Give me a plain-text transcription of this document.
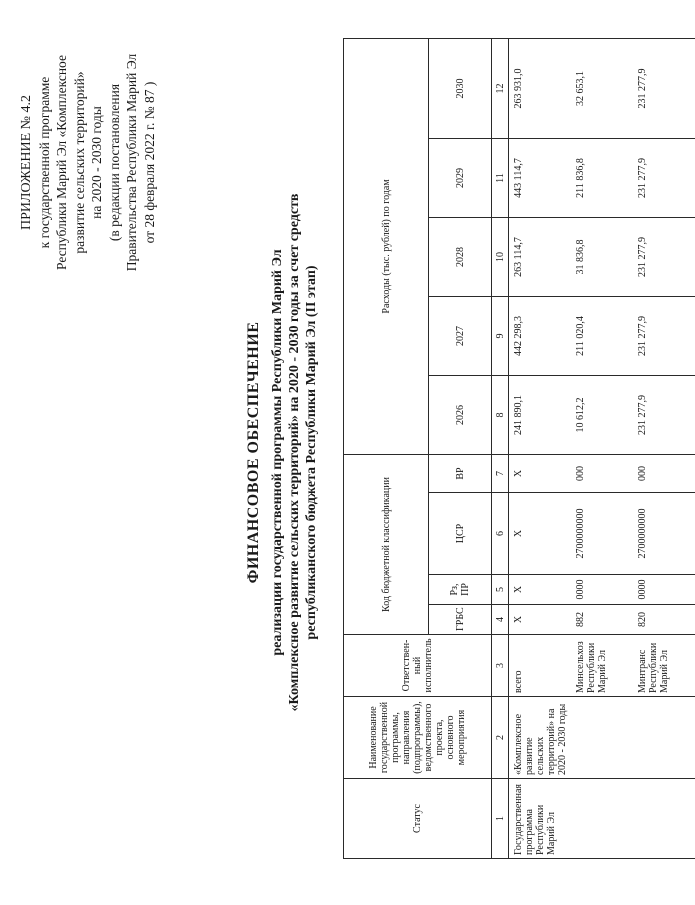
ПРИЛОЖЕНИЕ № 4.2 к государственной программе Республики Марий Эл «Комплексное развитие сельских территорий» на 2020 - 2030 годы (в редакции постановления Правительства Республики Марий Эл от 28 февраля 2022 г. № 87 )
ФИНАНСОВОЕ ОБЕСПЕЧЕНИЕ реализации государственной программы Республики Марий Эл «Комплексное развитие сельских территорий» на 2020 - 2030 годы за счет средств республиканского бюджета Республики Марий Эл (II этап)
Статус	Наименование государственной программы, направления (подпрограммы), ведомственного проекта, основного мероприятия	Ответствен-ный исполнитель	Код бюджетной классификации				Расходы (тыс. рублей) по годам				
			ГРБС	Рз, ПР	ЦСР	ВР	2026	2027	2028	2029	2030
1	2	3	4	5	6	7	8	9	10	11	12
Государственная программа Республики Марий Эл	«Комплексное развитие сельских территорий» на 2020 - 2030 годы	всего	Х	Х	Х	Х	241 890,1	442 298,3	263 114,7	443 114,7	263 931,0
		Минсельхоз Республики Марий Эл	882	0000	2700000000	000	10 612,2	211 020,4	31 836,8	211 836,8	32 653,1
		Минтранс Республики Марий Эл	820	0000	2700000000	000	231 277,9	231 277,9	231 277,9	231 277,9	231 277,9
